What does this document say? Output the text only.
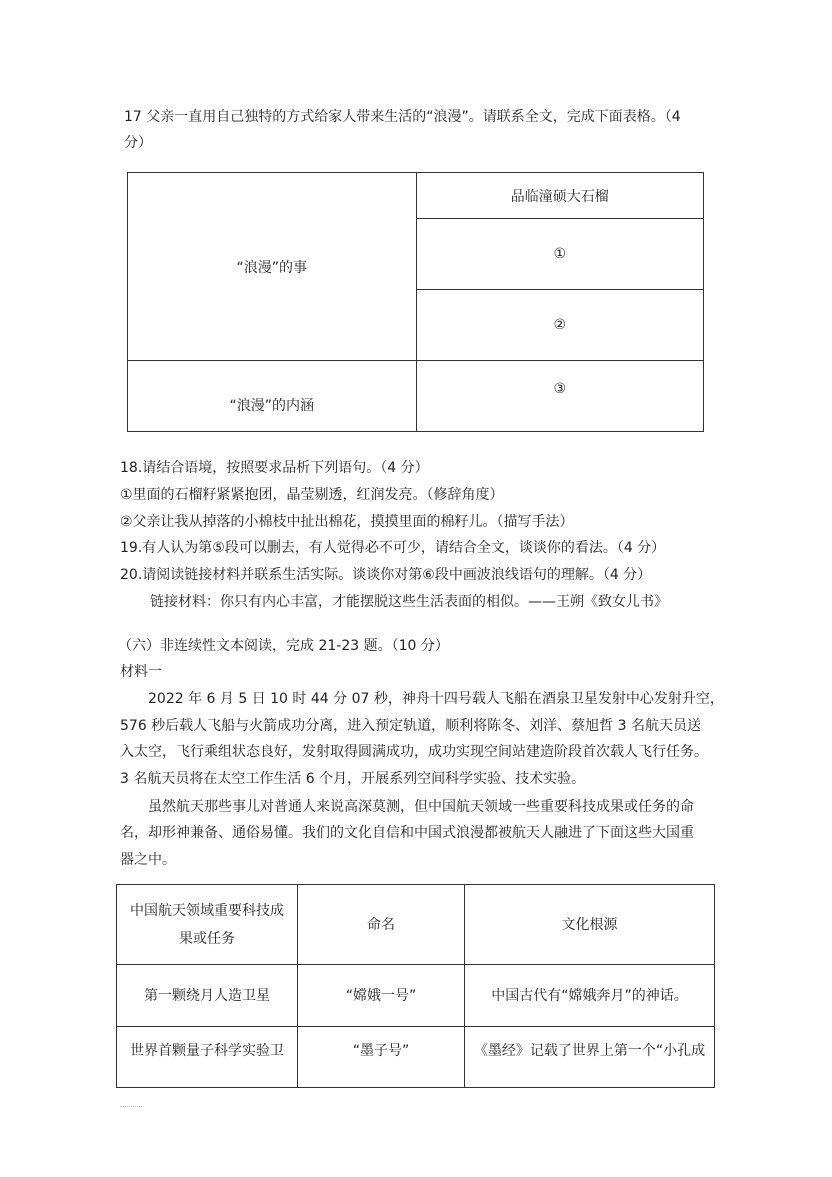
17 父亲一直用自己独特的方式给家人带来生活的“浪漫”。请联系全文，完成下面表格。（4
分）
“浪漫”的事	品临潼硕大石榴
	①
	②
“浪漫”的内涵	③
18.请结合语境，按照要求品析下列语句。（4 分）
①里面的石榴籽紧紧抱团，晶莹剔透，红润发亮。（修辞角度）
②父亲让我从掉落的小棉枝中扯出棉花，摸摸里面的棉籽儿。（描写手法）
19.有人认为第⑤段可以删去，有人觉得必不可少，请结合全文，谈谈你的看法。（4 分）
20.请阅读链接材料并联系生活实际。谈谈你对第⑥段中画波浪线语句的理解。（4 分）
链接材料：你只有内心丰富，才能摆脱这些生活表面的相似。——王朔《致女儿书》
（六）非连续性文本阅读，完成 21-23 题。（10 分）
材料一
2022 年 6 月 5 日 10 时 44 分 07 秒，神舟十四号载人飞船在酒泉卫星发射中心发射升空，
576 秒后载人飞船与火箭成功分离，进入预定轨道，顺利将陈冬、刘洋、蔡旭哲 3 名航天员送
入太空，飞行乘组状态良好，发射取得圆满成功，成功实现空间站建造阶段首次载人飞行任务。
3 名航天员将在太空工作生活 6 个月，开展系列空间科学实验、技术实验。
虽然航天那些事儿对普通人来说高深莫测，但中国航天领域一些重要科技成果或任务的命
名，却形神兼备、通俗易懂。我们的文化自信和中国式浪漫都被航天人融进了下面这些大国重
器之中。
中国航天领域重要科技成果或任务	命名	文化根源
第一颗绕月人造卫星	“嫦娥一号”	中国古代有“嫦娥奔月”的神话。
世界首颗量子科学实验卫	“墨子号”	《墨经》记载了世界上第一个“小孔成
